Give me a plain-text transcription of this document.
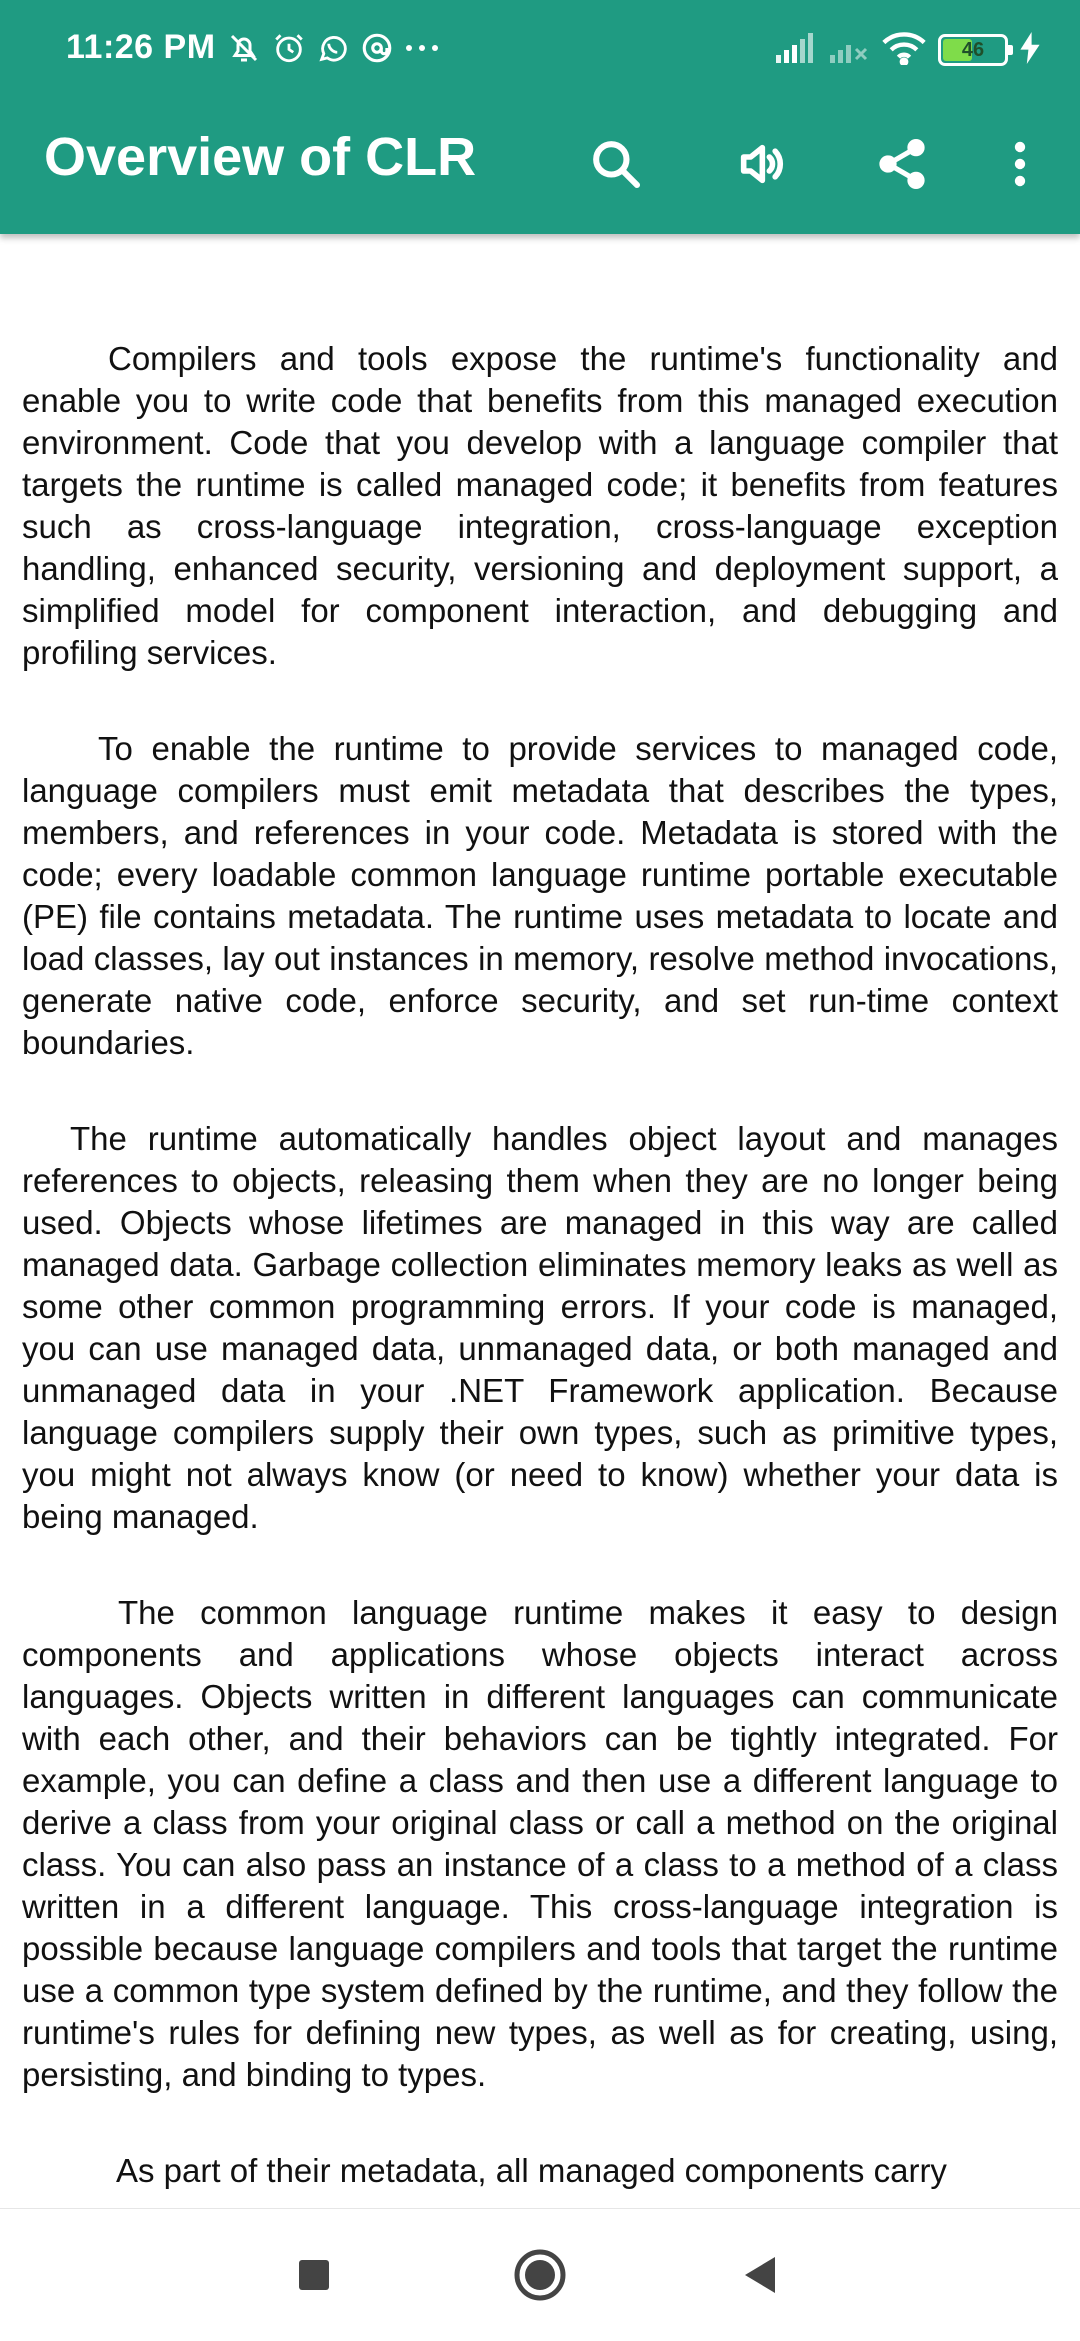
11:26 PM	46
Overview of CLR

Compilers and tools expose the runtime's functionality and enable you to write code that benefits from this managed execution environment. Code that you develop with a language compiler that targets the runtime is called managed code; it benefits from features such as cross-language integration, cross-language exception handling, enhanced security, versioning and deployment support, a simplified model for component interaction, and debugging and profiling services.

To enable the runtime to provide services to managed code, language compilers must emit metadata that describes the types, members, and references in your code. Metadata is stored with the code; every loadable common language runtime portable executable (PE) file contains metadata. The runtime uses metadata to locate and load classes, lay out instances in memory, resolve method invocations, generate native code, enforce security, and set run-time context boundaries.

The runtime automatically handles object layout and manages references to objects, releasing them when they are no longer being used. Objects whose lifetimes are managed in this way are called managed data. Garbage collection eliminates memory leaks as well as some other common programming errors. If your code is managed, you can use managed data, unmanaged data, or both managed and unmanaged data in your .NET Framework application. Because language compilers supply their own types, such as primitive types, you might not always know (or need to know) whether your data is being managed.

The common language runtime makes it easy to design components and applications whose objects interact across languages. Objects written in different languages can communicate with each other, and their behaviors can be tightly integrated. For example, you can define a class and then use a different language to derive a class from your original class or call a method on the original class. You can also pass an instance of a class to a method of a class written in a different language. This cross-language integration is possible because language compilers and tools that target the runtime use a common type system defined by the runtime, and they follow the runtime's rules for defining new types, as well as for creating, using, persisting, and binding to types.

As part of their metadata, all managed components carry
